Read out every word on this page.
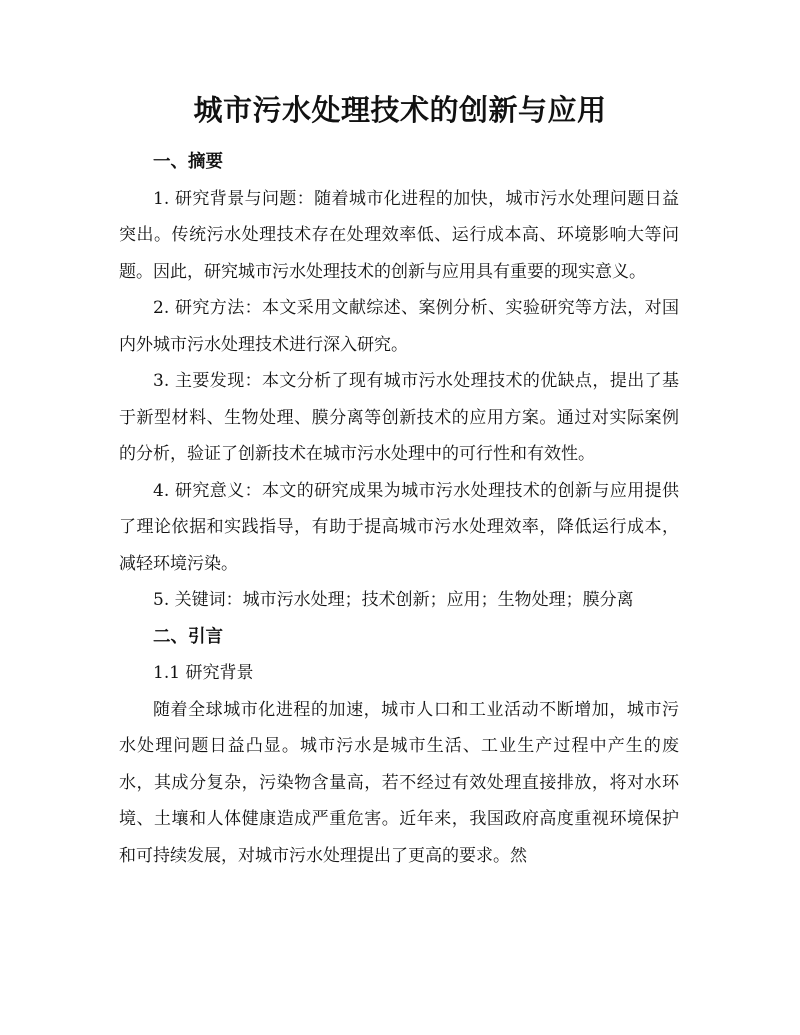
城市污水处理技术的创新与应用

一、摘要

1. 研究背景与问题：随着城市化进程的加快，城市污水处理问题日益突出。传统污水处理技术存在处理效率低、运行成本高、环境影响大等问题。因此，研究城市污水处理技术的创新与应用具有重要的现实意义。

2. 研究方法：本文采用文献综述、案例分析、实验研究等方法，对国内外城市污水处理技术进行深入研究。

3. 主要发现：本文分析了现有城市污水处理技术的优缺点，提出了基于新型材料、生物处理、膜分离等创新技术的应用方案。通过对实际案例的分析，验证了创新技术在城市污水处理中的可行性和有效性。

4. 研究意义：本文的研究成果为城市污水处理技术的创新与应用提供了理论依据和实践指导，有助于提高城市污水处理效率，降低运行成本，减轻环境污染。

5. 关键词：城市污水处理；技术创新；应用；生物处理；膜分离

二、引言

1.1 研究背景

随着全球城市化进程的加速，城市人口和工业活动不断增加，城市污水处理问题日益凸显。城市污水是城市生活、工业生产过程中产生的废水，其成分复杂，污染物含量高，若不经过有效处理直接排放，将对水环境、土壤和人体健康造成严重危害。近年来，我国政府高度重视环境保护和可持续发展，对城市污水处理提出了更高的要求。然
